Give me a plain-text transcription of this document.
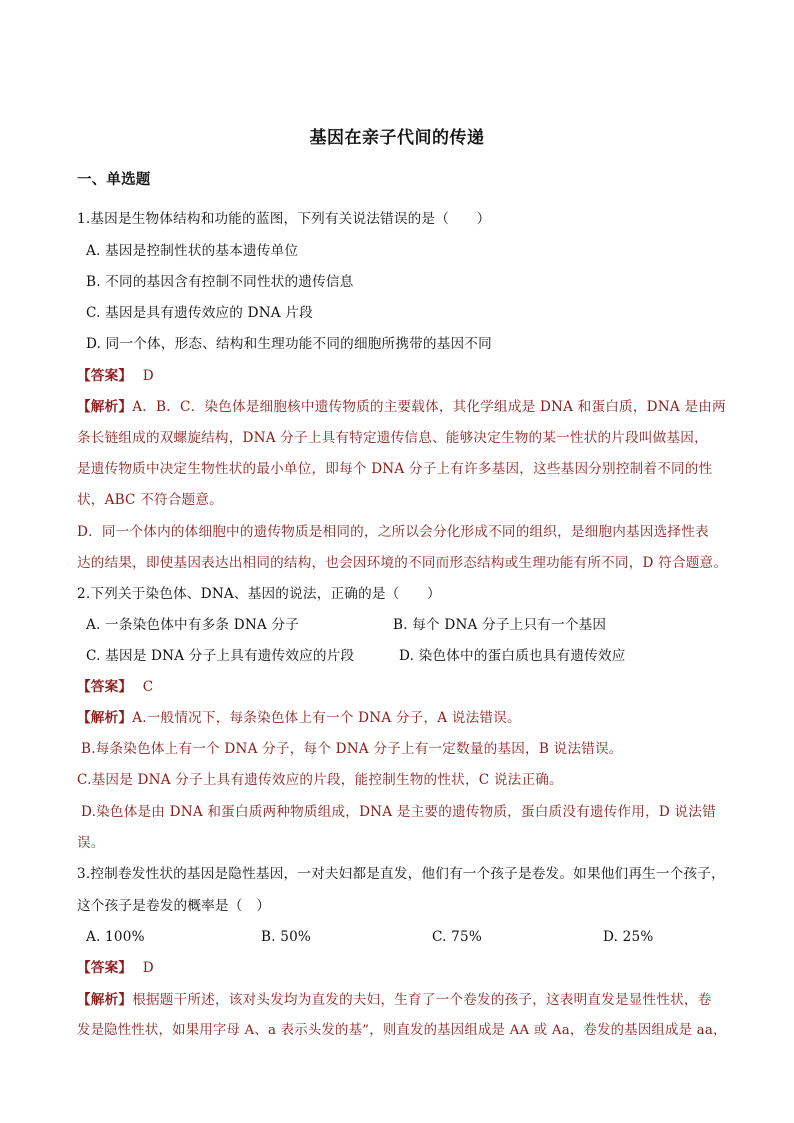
基因在亲子代间的传递
一、单选题
1.基因是生物体结构和功能的蓝图，下列有关说法错误的是（　　）
A. 基因是控制性状的基本遗传单位
B. 不同的基因含有控制不同性状的遗传信息
C. 基因是具有遗传效应的 DNA 片段
D. 同一个体，形态、结构和生理功能不同的细胞所携带的基因不同
【答案】 D
【解析】A．B．C．染色体是细胞核中遗传物质的主要载体，其化学组成是 DNA 和蛋白质，DNA 是由两
条长链组成的双螺旋结构，DNA 分子上具有特定遗传信息、能够决定生物的某一性状的片段叫做基因，
是遗传物质中决定生物性状的最小单位，即每个 DNA 分子上有许多基因，这些基因分别控制着不同的性
状，ABC 不符合题意。
D．同一个体内的体细胞中的遗传物质是相同的，之所以会分化形成不同的组织，是细胞内基因选择性表
达的结果，即使基因表达出相同的结构，也会因环境的不同而形态结构或生理功能有所不同，D 符合题意。
2.下列关于染色体、DNA、基因的说法，正确的是（　　）
A. 一条染色体中有多条 DNA 分子	B. 每个 DNA 分子上只有一个基因
C. 基因是 DNA 分子上具有遗传效应的片段	D. 染色体中的蛋白质也具有遗传效应
【答案】 C
【解析】A.一般情况下，每条染色体上有一个 DNA 分子，A 说法错误。
B.每条染色体上有一个 DNA 分子，每个 DNA 分子上有一定数量的基因，B 说法错误。
C.基因是 DNA 分子上具有遗传效应的片段，能控制生物的性状，C 说法正确。
D.染色体是由 DNA 和蛋白质两种物质组成，DNA 是主要的遗传物质，蛋白质没有遗传作用，D 说法错
误。
3.控制卷发性状的基因是隐性基因，一对夫妇都是直发，他们有一个孩子是卷发。如果他们再生一个孩子，
这个孩子是卷发的概率是（　）
A. 100%	B. 50%	C. 75%	D. 25%
【答案】 D
【解析】根据题干所述，该对头发均为直发的夫妇，生育了一个卷发的孩子，这表明直发是显性性状，卷
发是隐性性状，如果用字母 A、a 表示头发的基”，则直发的基因组成是 AA 或 Aa，卷发的基因组成是 aa，
